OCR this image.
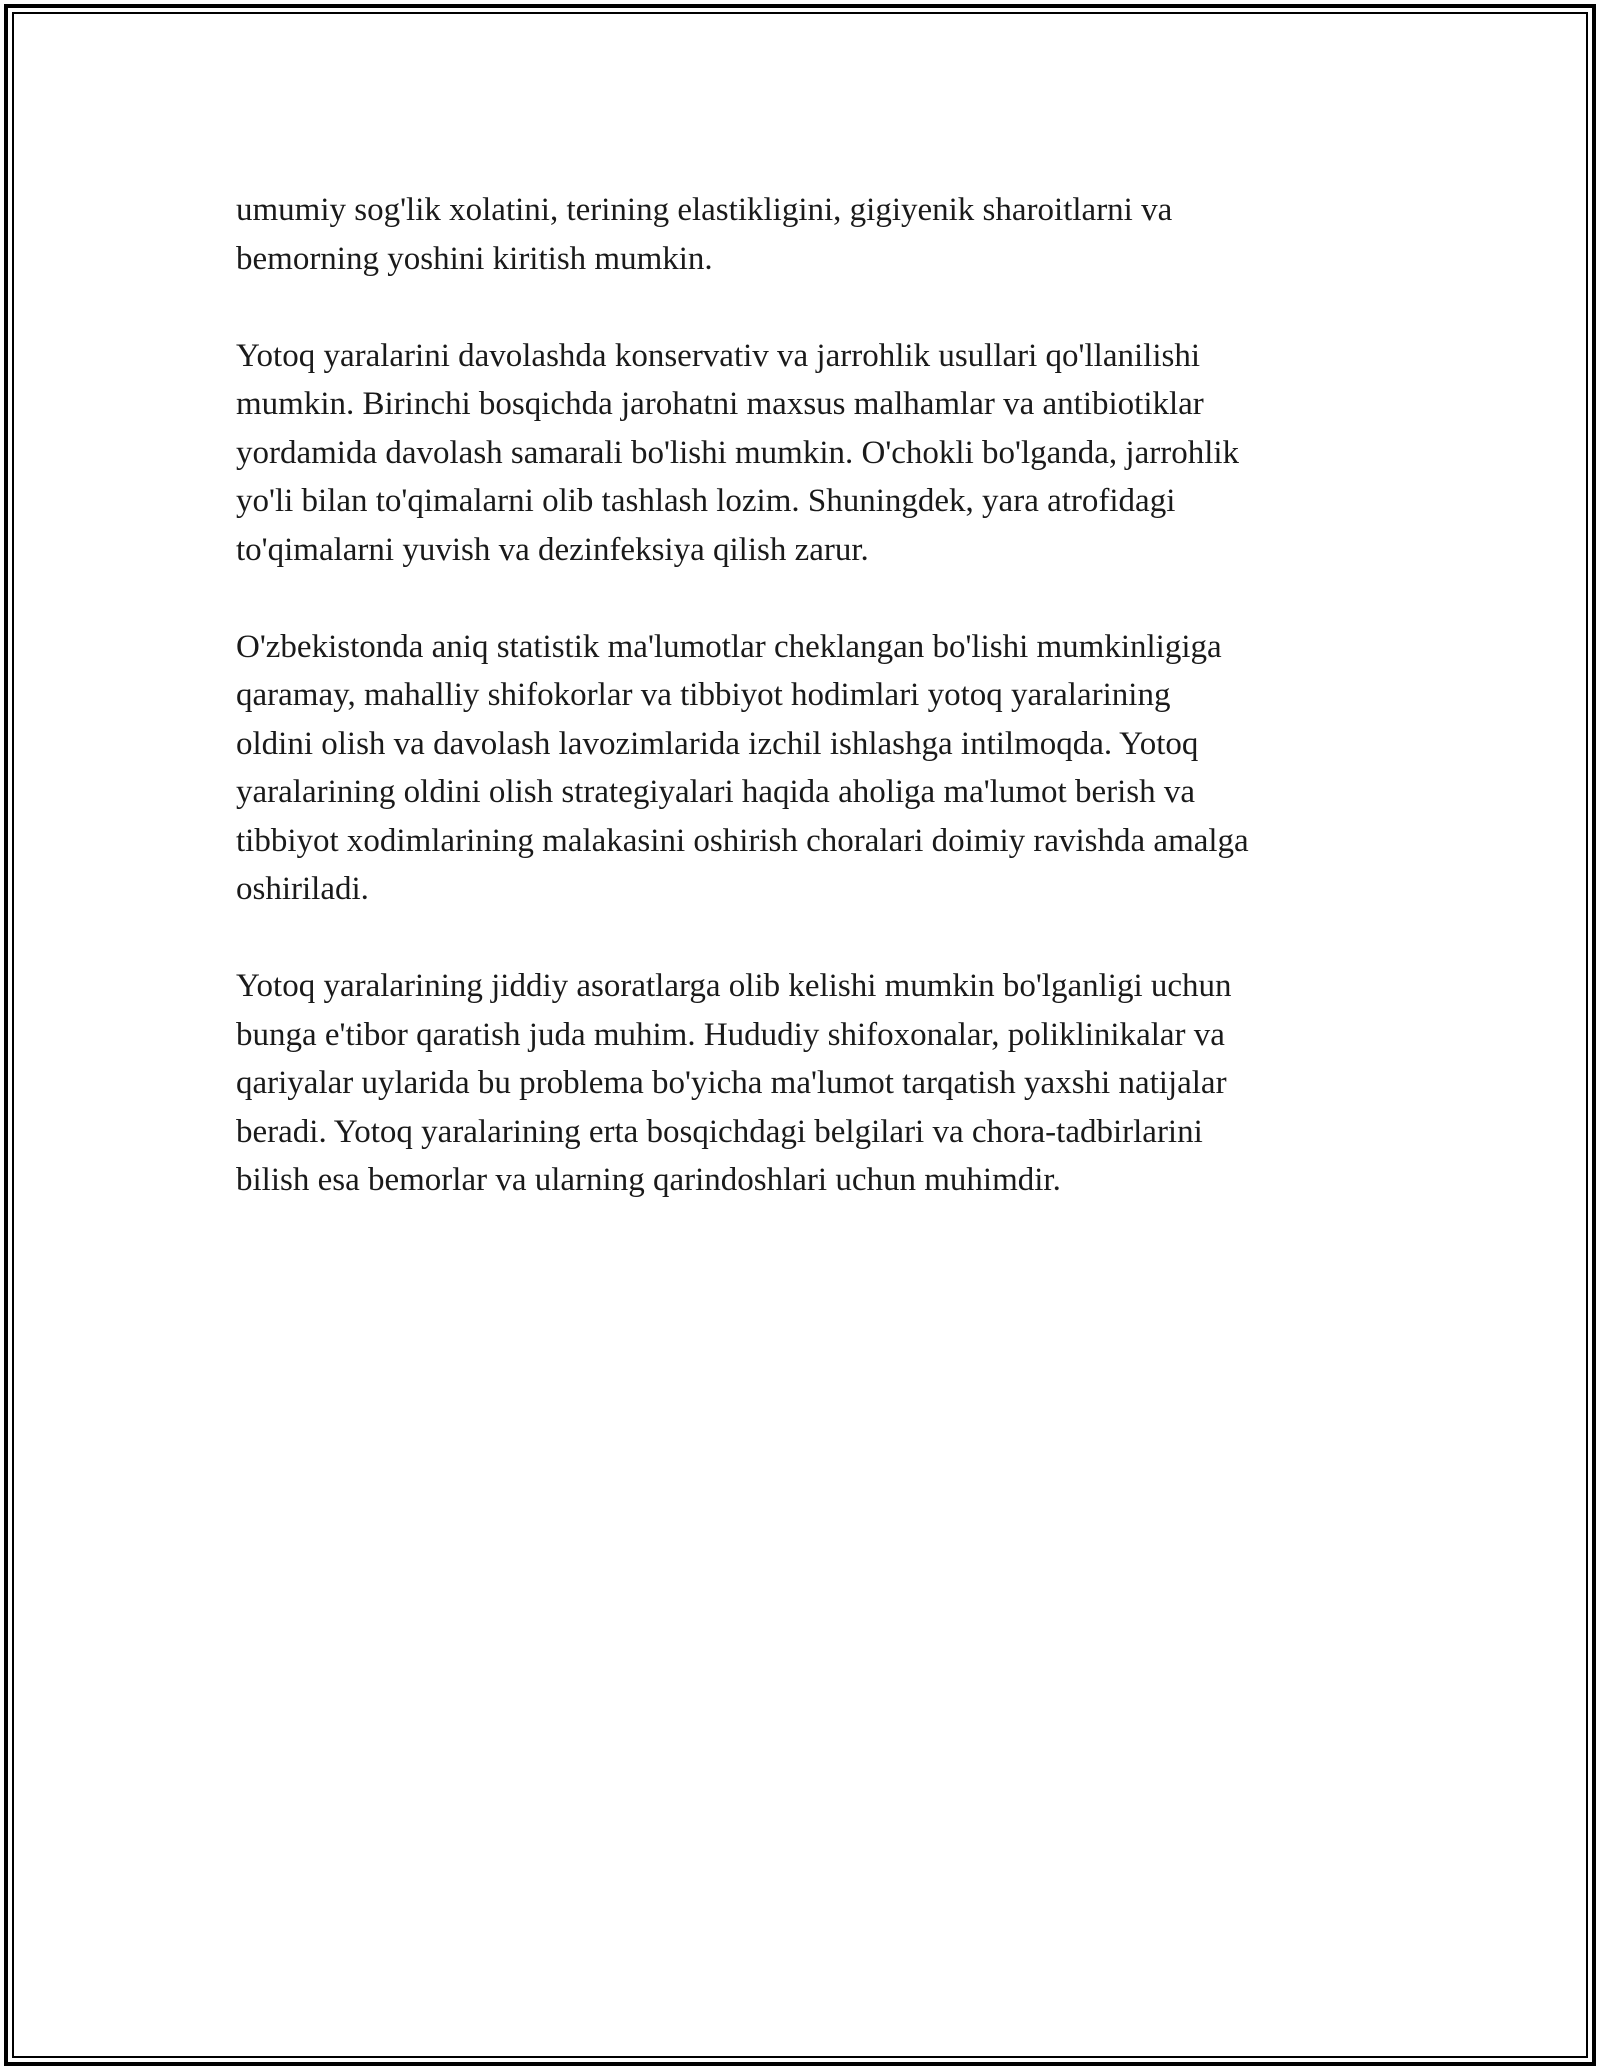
umumiy sog'lik xolatini, terining elastikligini, gigiyenik sharoitlarni va
bemorning yoshini kiritish mumkin.

Yotoq yaralarini davolashda konservativ va jarrohlik usullari qo'llanilishi
mumkin. Birinchi bosqichda jarohatni maxsus malhamlar va antibiotiklar
yordamida davolash samarali bo'lishi mumkin. O'chokli bo'lganda, jarrohlik
yo'li bilan to'qimalarni olib tashlash lozim. Shuningdek, yara atrofidagi
to'qimalarni yuvish va dezinfeksiya qilish zarur.

O'zbekistonda aniq statistik ma'lumotlar cheklangan bo'lishi mumkinligiga
qaramay, mahalliy shifokorlar va tibbiyot hodimlari yotoq yaralarining
oldini olish va davolash lavozimlarida izchil ishlashga intilmoqda. Yotoq
yaralarining oldini olish strategiyalari haqida aholiga ma'lumot berish va
tibbiyot xodimlarining malakasini oshirish choralari doimiy ravishda amalga
oshiriladi.

Yotoq yaralarining jiddiy asoratlarga olib kelishi mumkin bo'lganligi uchun
bunga e'tibor qaratish juda muhim. Hududiy shifoxonalar, poliklinikalar va
qariyalar uylarida bu problema bo'yicha ma'lumot tarqatish yaxshi natijalar
beradi. Yotoq yaralarining erta bosqichdagi belgilari va chora-tadbirlarini
bilish esa bemorlar va ularning qarindoshlari uchun muhimdir.
